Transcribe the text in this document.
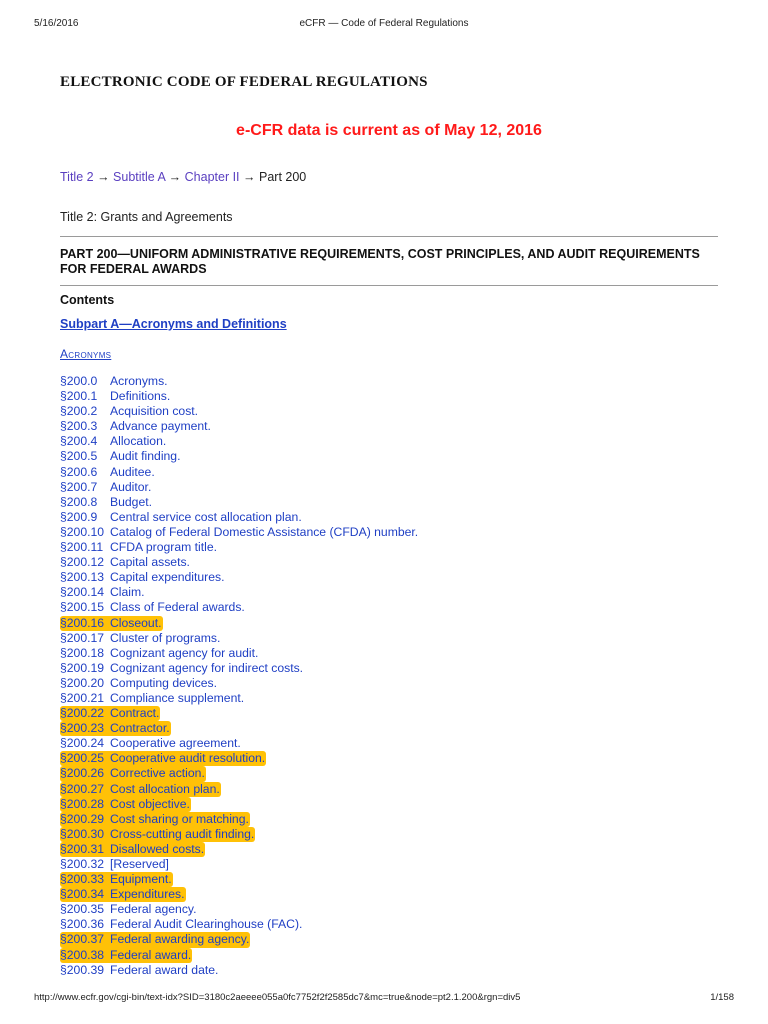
5/16/2016	eCFR — Code of Federal Regulations
ELECTRONIC CODE OF FEDERAL REGULATIONS
e-CFR data is current as of May 12, 2016
Title 2 → Subtitle A → Chapter II → Part 200
Title 2: Grants and Agreements
PART 200—UNIFORM ADMINISTRATIVE REQUIREMENTS, COST PRINCIPLES, AND AUDIT REQUIREMENTS FOR FEDERAL AWARDS
Contents
Subpart A—Acronyms and Definitions
Acronyms
§200.0 Acronyms.
§200.1 Definitions.
§200.2 Acquisition cost.
§200.3 Advance payment.
§200.4 Allocation.
§200.5 Audit finding.
§200.6 Auditee.
§200.7 Auditor.
§200.8 Budget.
§200.9 Central service cost allocation plan.
§200.10 Catalog of Federal Domestic Assistance (CFDA) number.
§200.11 CFDA program title.
§200.12 Capital assets.
§200.13 Capital expenditures.
§200.14 Claim.
§200.15 Class of Federal awards.
§200.16 Closeout.
§200.17 Cluster of programs.
§200.18 Cognizant agency for audit.
§200.19 Cognizant agency for indirect costs.
§200.20 Computing devices.
§200.21 Compliance supplement.
§200.22 Contract.
§200.23 Contractor.
§200.24 Cooperative agreement.
§200.25 Cooperative audit resolution.
§200.26 Corrective action.
§200.27 Cost allocation plan.
§200.28 Cost objective.
§200.29 Cost sharing or matching.
§200.30 Cross-cutting audit finding.
§200.31 Disallowed costs.
§200.32 [Reserved]
§200.33 Equipment.
§200.34 Expenditures.
§200.35 Federal agency.
§200.36 Federal Audit Clearinghouse (FAC).
§200.37 Federal awarding agency.
§200.38 Federal award.
§200.39 Federal award date.
http://www.ecfr.gov/cgi-bin/text-idx?SID=3180c2aeeee055a0fc7752f2f2585dc7&mc=true&node=pt2.1.200&rgn=div5	1/158
